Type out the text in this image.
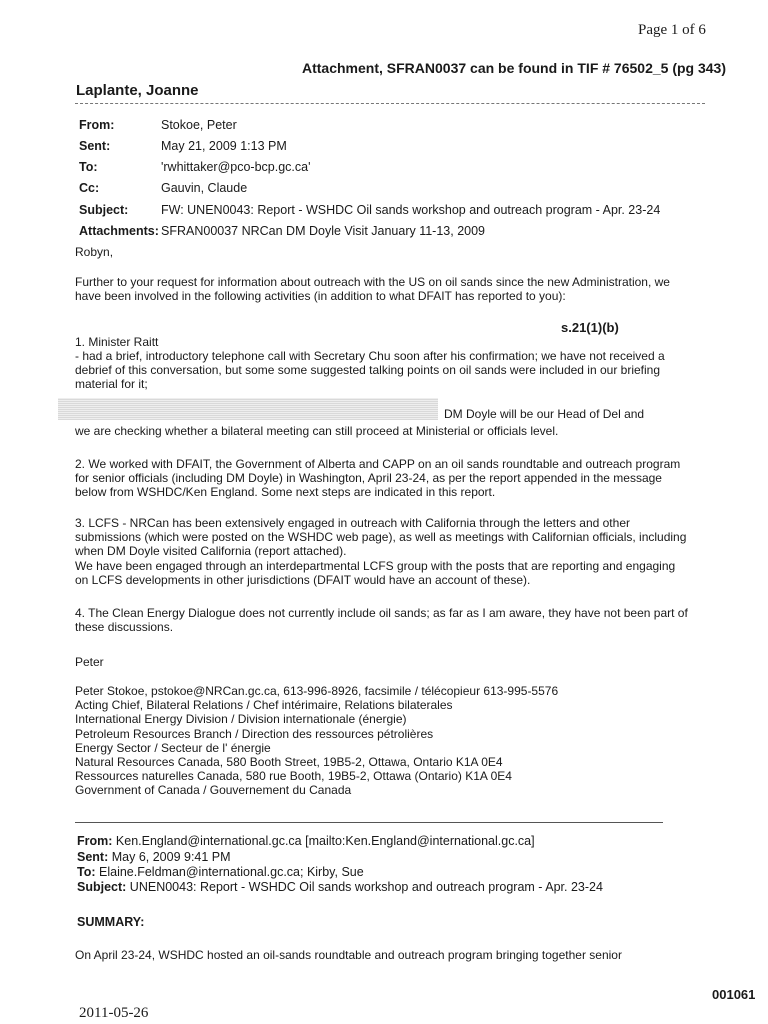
Page 1 of 6
Attachment, SFRAN0037 can be found in TIF # 76502_5 (pg 343)
Laplante, Joanne
From:	Stokoe, Peter
Sent:	May 21, 2009 1:13 PM
To:	'rwhittaker@pco-bcp.gc.ca'
Cc:	Gauvin, Claude
Subject:	FW: UNEN0043: Report - WSHDC Oil sands workshop and outreach program - Apr. 23-24
Attachments: SFRAN00037 NRCan DM Doyle Visit January 11-13, 2009
Robyn,
Further to your request for information about outreach with the US on oil sands since the new Administration, we have been involved in the following activities (in addition to what DFAIT has reported to you):
s.21(1)(b)
1. Minister Raitt
- had a brief, introductory telephone call with Secretary Chu soon after his confirmation; we have not received a debrief of this conversation, but some some suggested talking points on oil sands were included in our briefing material for it;
DM Doyle will be our Head of Del and
we are checking whether a bilateral meeting can still proceed at Ministerial or officials level.
2. We worked with DFAIT, the Government of Alberta and CAPP on an oil sands roundtable and outreach program for senior officials (including DM Doyle) in Washington, April 23-24, as per the report appended in the message below from WSHDC/Ken England. Some next steps are indicated in this report.
3. LCFS - NRCan has been extensively engaged in outreach with California through the letters and other submissions (which were posted on the WSHDC web page), as well as meetings with Californian officials, including when DM Doyle visited California (report attached).
We have been engaged through an interdepartmental LCFS group with the posts that are reporting and engaging on LCFS developments in other jurisdictions (DFAIT would have an account of these).
4. The Clean Energy Dialogue does not currently include oil sands; as far as I am aware, they have not been part of these discussions.
Peter
Peter Stokoe, pstokoe@NRCan.gc.ca, 613-996-8926, facsimile / télécopieur 613-995-5576
Acting Chief, Bilateral Relations / Chef intérimaire, Relations bilaterales
International Energy Division / Division internationale (énergie)
Petroleum Resources Branch / Direction des ressources pétrolières
Energy Sector / Secteur de l' énergie
Natural Resources Canada, 580 Booth Street, 19B5-2, Ottawa, Ontario K1A 0E4
Ressources naturelles Canada, 580 rue Booth, 19B5-2, Ottawa (Ontario) K1A 0E4
Government of Canada / Gouvernement du Canada
From: Ken.England@international.gc.ca [mailto:Ken.England@international.gc.ca]
Sent: May 6, 2009 9:41 PM
To: Elaine.Feldman@international.gc.ca; Kirby, Sue
Subject: UNEN0043: Report - WSHDC Oil sands workshop and outreach program - Apr. 23-24
SUMMARY:
On April 23-24, WSHDC hosted an oil-sands roundtable and outreach program bringing together senior
001061
2011-05-26
